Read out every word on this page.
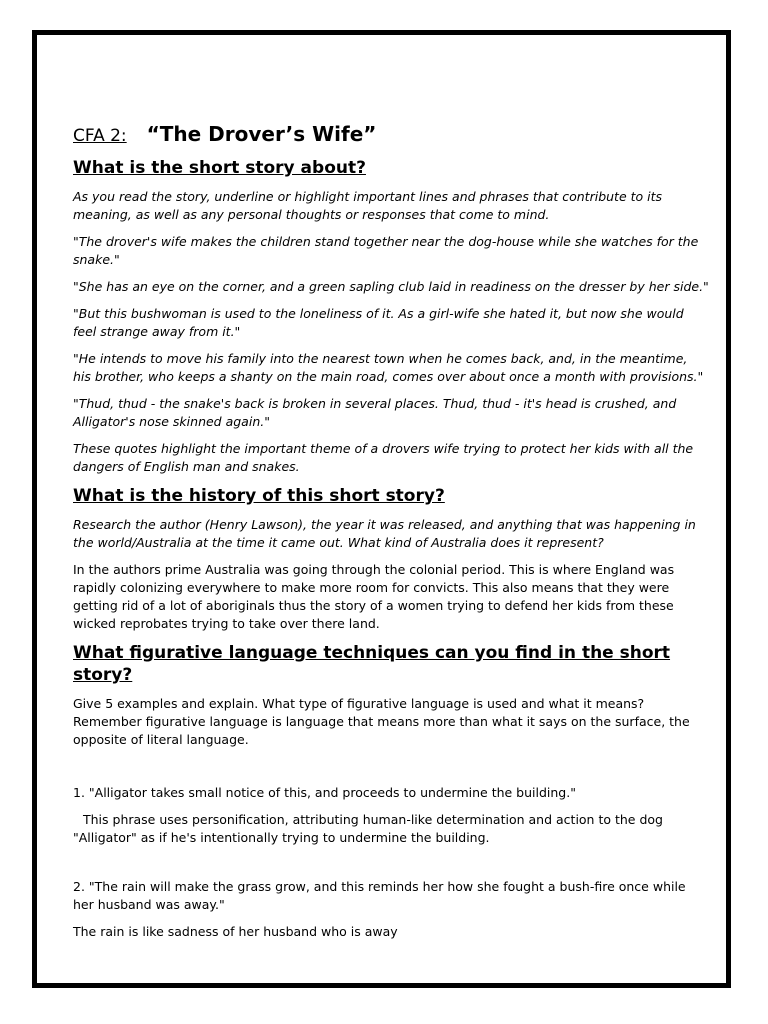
CFA 2: “The Drover’s Wife”
What is the short story about?

As you read the story, underline or highlight important lines and phrases that contribute to its meaning, as well as any personal thoughts or responses that come to mind.

"The drover's wife makes the children stand together near the dog-house while she watches for the snake."

"She has an eye on the corner, and a green sapling club laid in readiness on the dresser by her side."

"But this bushwoman is used to the loneliness of it. As a girl-wife she hated it, but now she would feel strange away from it."

"He intends to move his family into the nearest town when he comes back, and, in the meantime, his brother, who keeps a shanty on the main road, comes over about once a month with provisions."

"Thud, thud - the snake's back is broken in several places. Thud, thud - it's head is crushed, and Alligator's nose skinned again."

These quotes highlight the important theme of a drovers wife trying to protect her kids with all the dangers of English man and snakes.

What is the history of this short story?

Research the author (Henry Lawson), the year it was released, and anything that was happening in the world/Australia at the time it came out. What kind of Australia does it represent?

In the authors prime Australia was going through the colonial period. This is where England was rapidly colonizing everywhere to make more room for convicts. This also means that they were getting rid of a lot of aboriginals thus the story of a women trying to defend her kids from these wicked reprobates trying to take over there land.

What figurative language techniques can you find in the short story?

Give 5 examples and explain. What type of figurative language is used and what it means? Remember figurative language is language that means more than what it says on the surface, the opposite of literal language.

1. "Alligator takes small notice of this, and proceeds to undermine the building."

This phrase uses personification, attributing human-like determination and action to the dog "Alligator" as if he's intentionally trying to undermine the building.

2. "The rain will make the grass grow, and this reminds her how she fought a bush-fire once while her husband was away."

The rain is like sadness of her husband who is away
